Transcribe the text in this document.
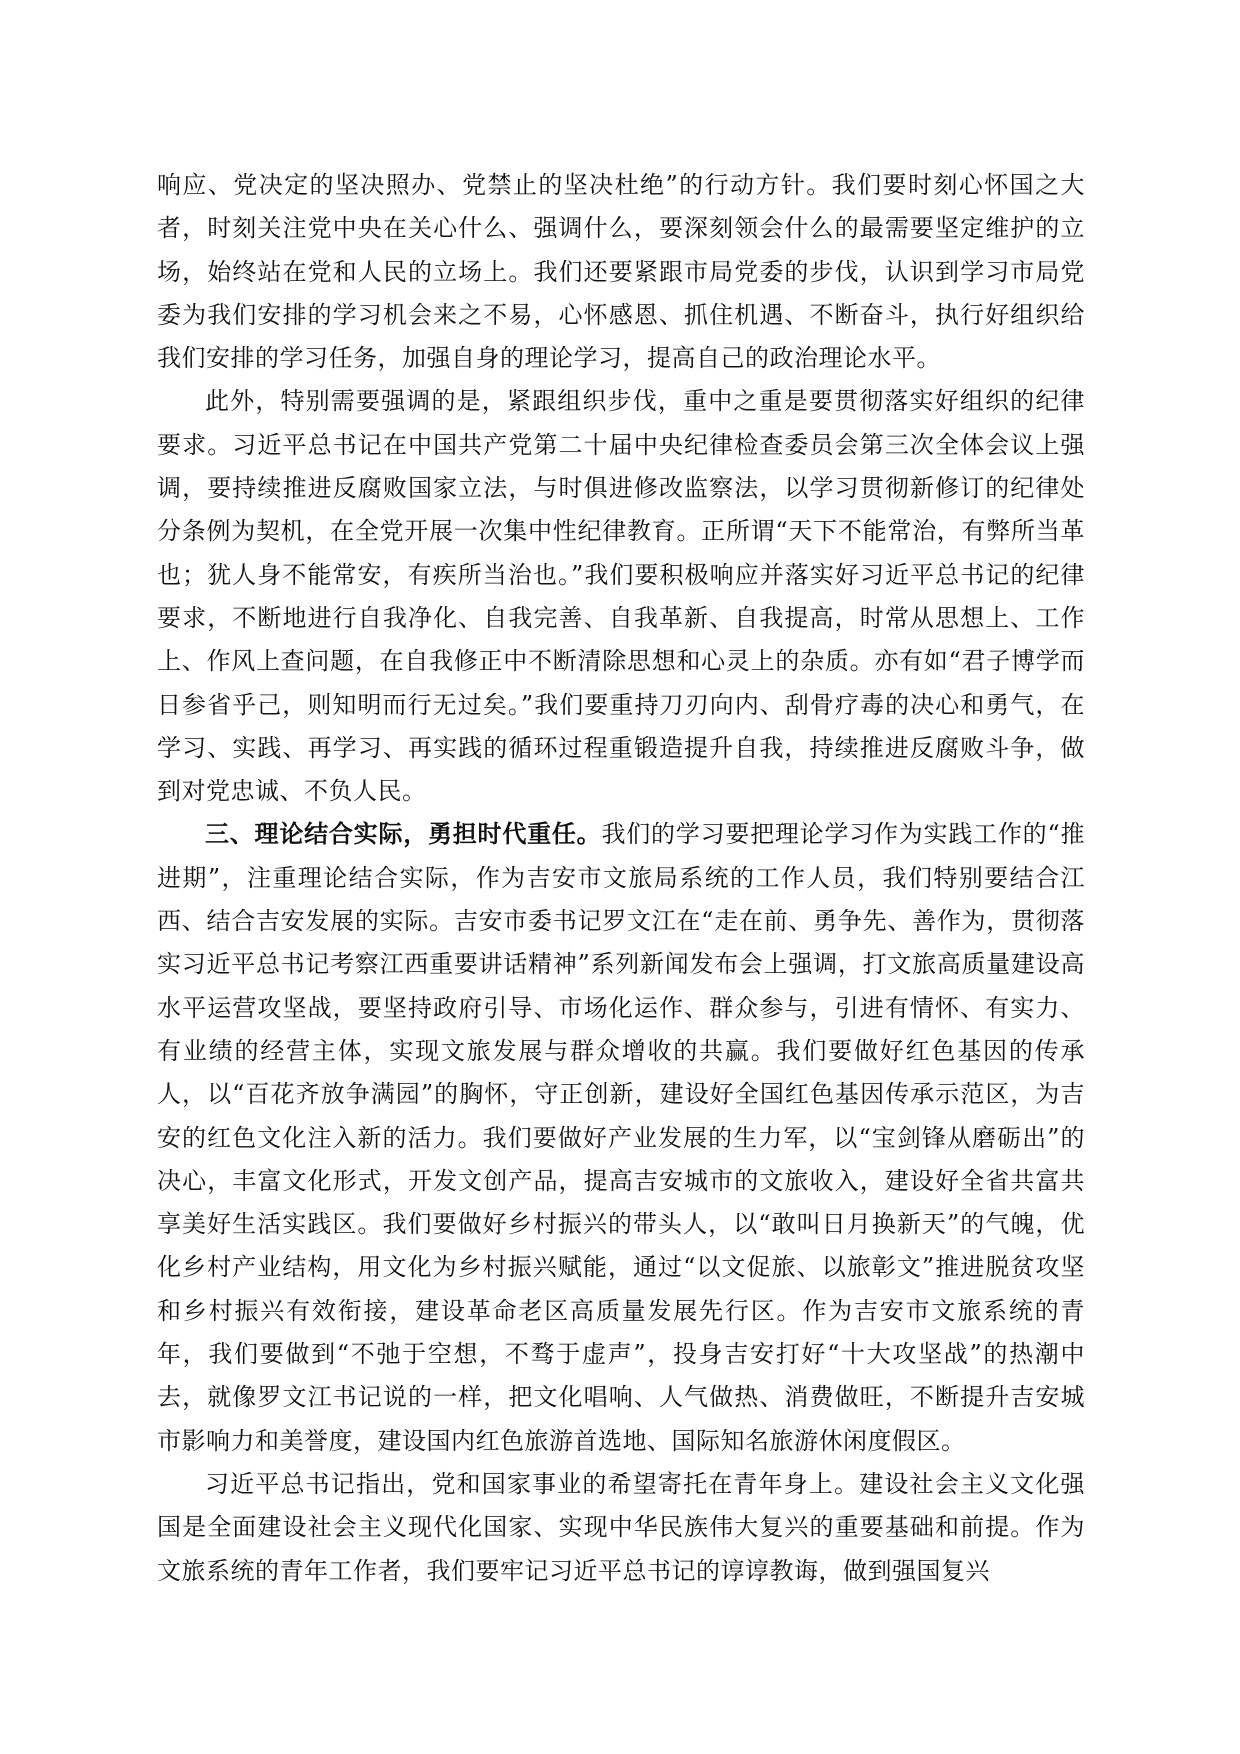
响应、党决定的坚决照办、党禁止的坚决杜绝”的行动方针。我们要时刻心怀国之大者，时刻关注党中央在关心什么、强调什么，要深刻领会什么的最需要坚定维护的立场，始终站在党和人民的立场上。我们还要紧跟市局党委的步伐，认识到学习市局党委为我们安排的学习机会来之不易，心怀感恩、抓住机遇、不断奋斗，执行好组织给我们安排的学习任务，加强自身的理论学习，提高自己的政治理论水平。

此外，特别需要强调的是，紧跟组织步伐，重中之重是要贯彻落实好组织的纪律要求。习近平总书记在中国共产党第二十届中央纪律检查委员会第三次全体会议上强调，要持续推进反腐败国家立法，与时俱进修改监察法，以学习贯彻新修订的纪律处分条例为契机，在全党开展一次集中性纪律教育。正所谓“天下不能常治，有弊所当革也；犹人身不能常安，有疾所当治也。”我们要积极响应并落实好习近平总书记的纪律要求，不断地进行自我净化、自我完善、自我革新、自我提高，时常从思想上、工作上、作风上查问题，在自我修正中不断清除思想和心灵上的杂质。亦有如“君子博学而日参省乎己，则知明而行无过矣。”我们要重持刀刃向内、刮骨疗毒的决心和勇气，在学习、实践、再学习、再实践的循环过程重锻造提升自我，持续推进反腐败斗争，做到对党忠诚、不负人民。

三、理论结合实际，勇担时代重任。我们的学习要把理论学习作为实践工作的“推进期”，注重理论结合实际，作为吉安市文旅局系统的工作人员，我们特别要结合江西、结合吉安发展的实际。吉安市委书记罗文江在“走在前、勇争先、善作为，贯彻落实习近平总书记考察江西重要讲话精神”系列新闻发布会上强调，打文旅高质量建设高水平运营攻坚战，要坚持政府引导、市场化运作、群众参与，引进有情怀、有实力、有业绩的经营主体，实现文旅发展与群众增收的共赢。我们要做好红色基因的传承人，以“百花齐放争满园”的胸怀，守正创新，建设好全国红色基因传承示范区，为吉安的红色文化注入新的活力。我们要做好产业发展的生力军，以“宝剑锋从磨砺出”的决心，丰富文化形式，开发文创产品，提高吉安城市的文旅收入，建设好全省共富共享美好生活实践区。我们要做好乡村振兴的带头人，以“敢叫日月换新天”的气魄，优化乡村产业结构，用文化为乡村振兴赋能，通过“以文促旅、以旅彰文”推进脱贫攻坚和乡村振兴有效衔接，建设革命老区高质量发展先行区。作为吉安市文旅系统的青年，我们要做到“不弛于空想，不骛于虚声”，投身吉安打好“十大攻坚战”的热潮中去，就像罗文江书记说的一样，把文化唱响、人气做热、消费做旺，不断提升吉安城市影响力和美誉度，建设国内红色旅游首选地、国际知名旅游休闲度假区。

习近平总书记指出，党和国家事业的希望寄托在青年身上。建设社会主义文化强国是全面建设社会主义现代化国家、实现中华民族伟大复兴的重要基础和前提。作为文旅系统的青年工作者，我们要牢记习近平总书记的谆谆教诲，做到强国复兴
